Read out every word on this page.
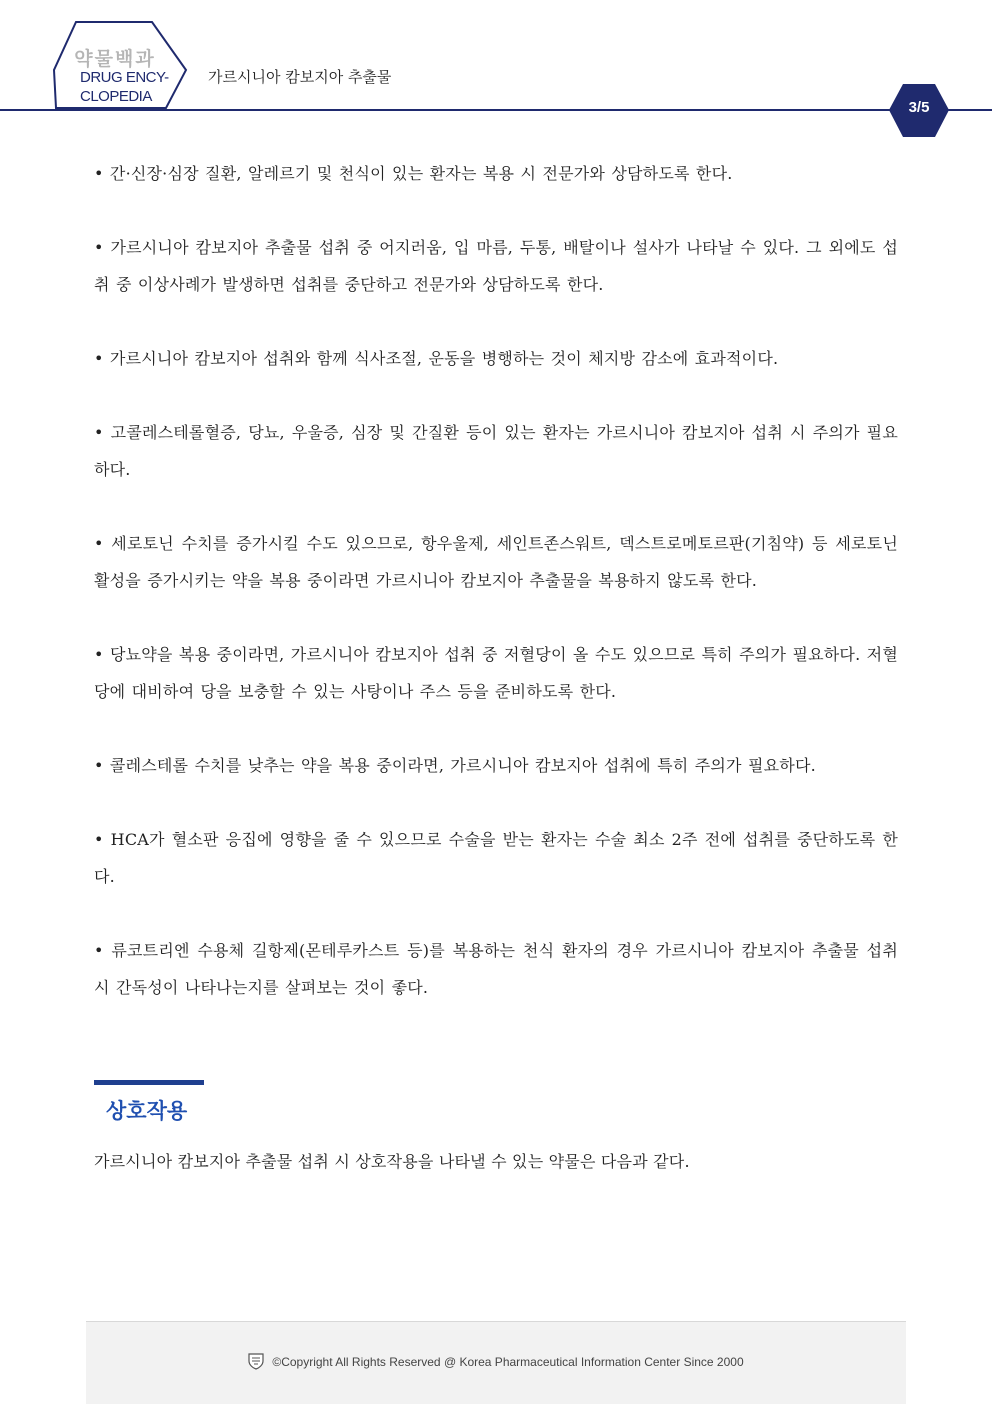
약물백과
DRUG ENCY-
CLOPEDIA
가르시니아 캄보지아 추출물
3/5

• 간·신장·심장 질환, 알레르기 및 천식이 있는 환자는 복용 시 전문가와 상담하도록 한다.

• 가르시니아 캄보지아 추출물 섭취 중 어지러움, 입 마름, 두통, 배탈이나 설사가 나타날 수 있다. 그 외에도 섭취 중 이상사례가 발생하면 섭취를 중단하고 전문가와 상담하도록 한다.

• 가르시니아 캄보지아 섭취와 함께 식사조절, 운동을 병행하는 것이 체지방 감소에 효과적이다.

• 고콜레스테롤혈증, 당뇨, 우울증, 심장 및 간질환 등이 있는 환자는 가르시니아 캄보지아 섭취 시 주의가 필요하다.

• 세로토닌 수치를 증가시킬 수도 있으므로, 항우울제, 세인트존스워트, 덱스트로메토르판(기침약) 등 세로토닌 활성을 증가시키는 약을 복용 중이라면 가르시니아 캄보지아 추출물을 복용하지 않도록 한다.

• 당뇨약을 복용 중이라면, 가르시니아 캄보지아 섭취 중 저혈당이 올 수도 있으므로 특히 주의가 필요하다. 저혈당에 대비하여 당을 보충할 수 있는 사탕이나 주스 등을 준비하도록 한다.

• 콜레스테롤 수치를 낮추는 약을 복용 중이라면, 가르시니아 캄보지아 섭취에 특히 주의가 필요하다.

• HCA가 혈소판 응집에 영향을 줄 수 있으므로 수술을 받는 환자는 수술 최소 2주 전에 섭취를 중단하도록 한다.

• 류코트리엔 수용체 길항제(몬테루카스트 등)를 복용하는 천식 환자의 경우 가르시니아 캄보지아 추출물 섭취 시 간독성이 나타나는지를 살펴보는 것이 좋다.

상호작용
가르시니아 캄보지아 추출물 섭취 시 상호작용을 나타낼 수 있는 약물은 다음과 같다.
©Copyright All Rights Reserved @ Korea Pharmaceutical Information Center Since 2000
